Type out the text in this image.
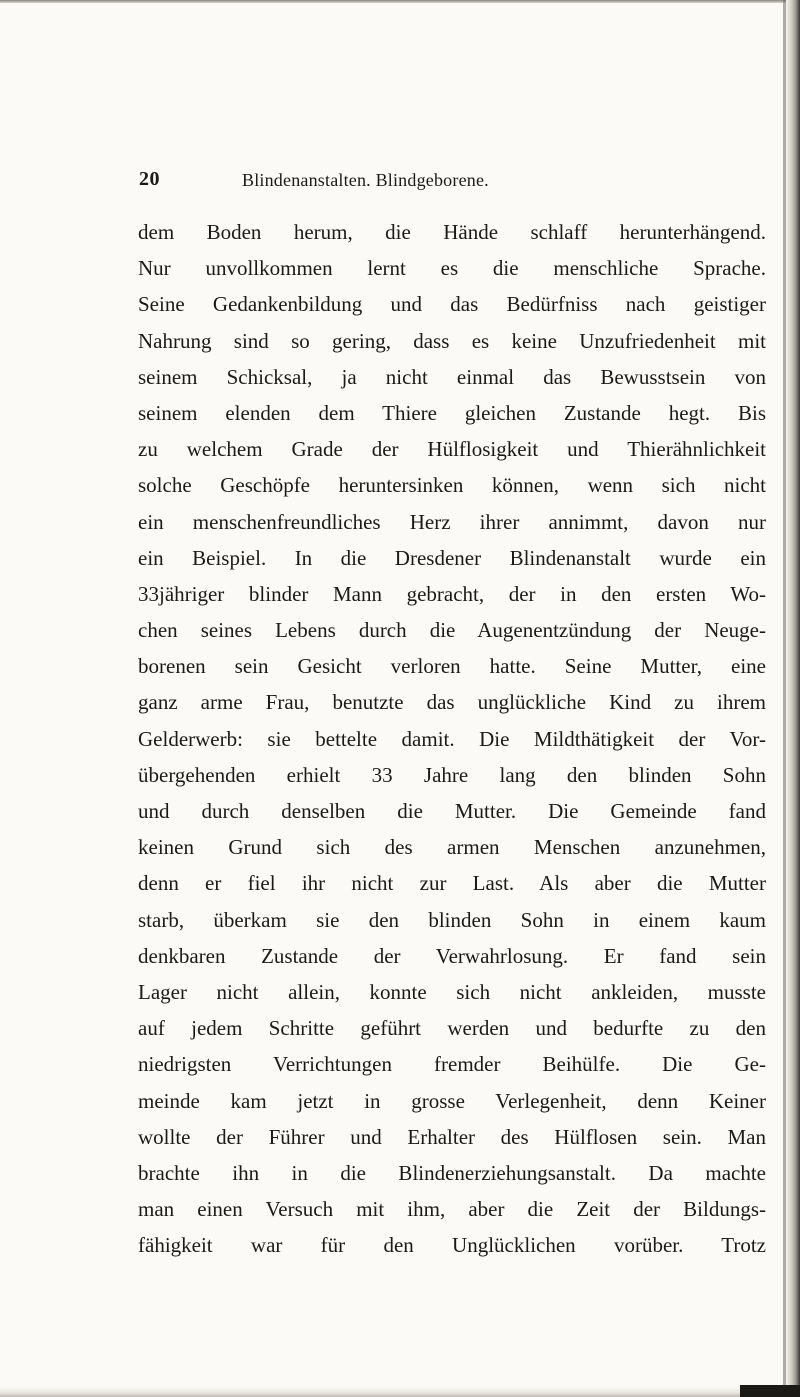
20	Blindenanstalten. Blindgeborene.
dem Boden herum, die Hände schlaff herunterhängend.
Nur unvollkommen lernt es die menschliche Sprache.
Seine Gedankenbildung und das Bedürfniss nach geistiger
Nahrung sind so gering, dass es keine Unzufriedenheit mit
seinem Schicksal, ja nicht einmal das Bewusstsein von
seinem elenden dem Thiere gleichen Zustande hegt. Bis
zu welchem Grade der Hülflosigkeit und Thierähnlichkeit
solche Geschöpfe heruntersinken können, wenn sich nicht
ein menschenfreundliches Herz ihrer annimmt, davon nur
ein Beispiel. In die Dresdener Blindenanstalt wurde ein
33jähriger blinder Mann gebracht, der in den ersten Wo-
chen seines Lebens durch die Augenentzündung der Neuge-
borenen sein Gesicht verloren hatte. Seine Mutter, eine
ganz arme Frau, benutzte das unglückliche Kind zu ihrem
Gelderwerb: sie bettelte damit. Die Mildthätigkeit der Vor-
übergehenden erhielt 33 Jahre lang den blinden Sohn
und durch denselben die Mutter. Die Gemeinde fand
keinen Grund sich des armen Menschen anzunehmen,
denn er fiel ihr nicht zur Last. Als aber die Mutter
starb, überkam sie den blinden Sohn in einem kaum
denkbaren Zustande der Verwahrlosung. Er fand sein
Lager nicht allein, konnte sich nicht ankleiden, musste
auf jedem Schritte geführt werden und bedurfte zu den
niedrigsten Verrichtungen fremder Beihülfe. Die Ge-
meinde kam jetzt in grosse Verlegenheit, denn Keiner
wollte der Führer und Erhalter des Hülflosen sein. Man
brachte ihn in die Blindenerziehungsanstalt. Da machte
man einen Versuch mit ihm, aber die Zeit der Bildungs-
fähigkeit war für den Unglücklichen vorüber. Trotz
